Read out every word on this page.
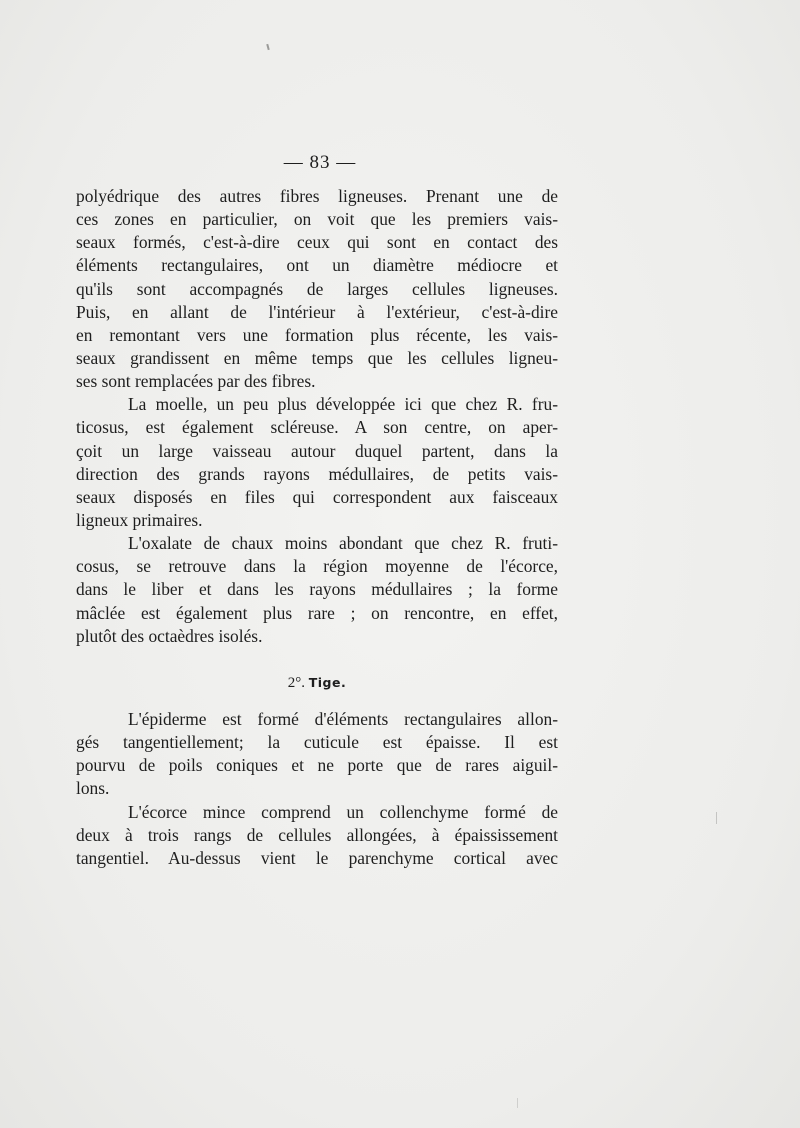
— 83 —
polyédrique des autres fibres ligneuses. Prenant une de
ces zones en particulier, on voit que les premiers vais-
seaux formés, c'est-à-dire ceux qui sont en contact des
éléments rectangulaires, ont un diamètre médiocre et
qu'ils sont accompagnés de larges cellules ligneuses.
Puis, en allant de l'intérieur à l'extérieur, c'est-à-dire
en remontant vers une formation plus récente, les vais-
seaux grandissent en même temps que les cellules ligneu-
ses sont remplacées par des fibres.
La moelle, un peu plus développée ici que chez R. fru-
ticosus, est également scléreuse. A son centre, on aper-
çoit un large vaisseau autour duquel partent, dans la
direction des grands rayons médullaires, de petits vais-
seaux disposés en files qui correspondent aux faisceaux
ligneux primaires.
L'oxalate de chaux moins abondant que chez R. fruti-
cosus, se retrouve dans la région moyenne de l'écorce,
dans le liber et dans les rayons médullaires ; la forme
mâclée est également plus rare ; on rencontre, en effet,
plutôt des octaèdres isolés.
2°. Tige.
L'épiderme est formé d'éléments rectangulaires allon-
gés tangentiellement; la cuticule est épaisse. Il est
pourvu de poils coniques et ne porte que de rares aiguil-
lons.
L'écorce mince comprend un collenchyme formé de
deux à trois rangs de cellules allongées, à épaississement
tangentiel. Au-dessus vient le parenchyme cortical avec
